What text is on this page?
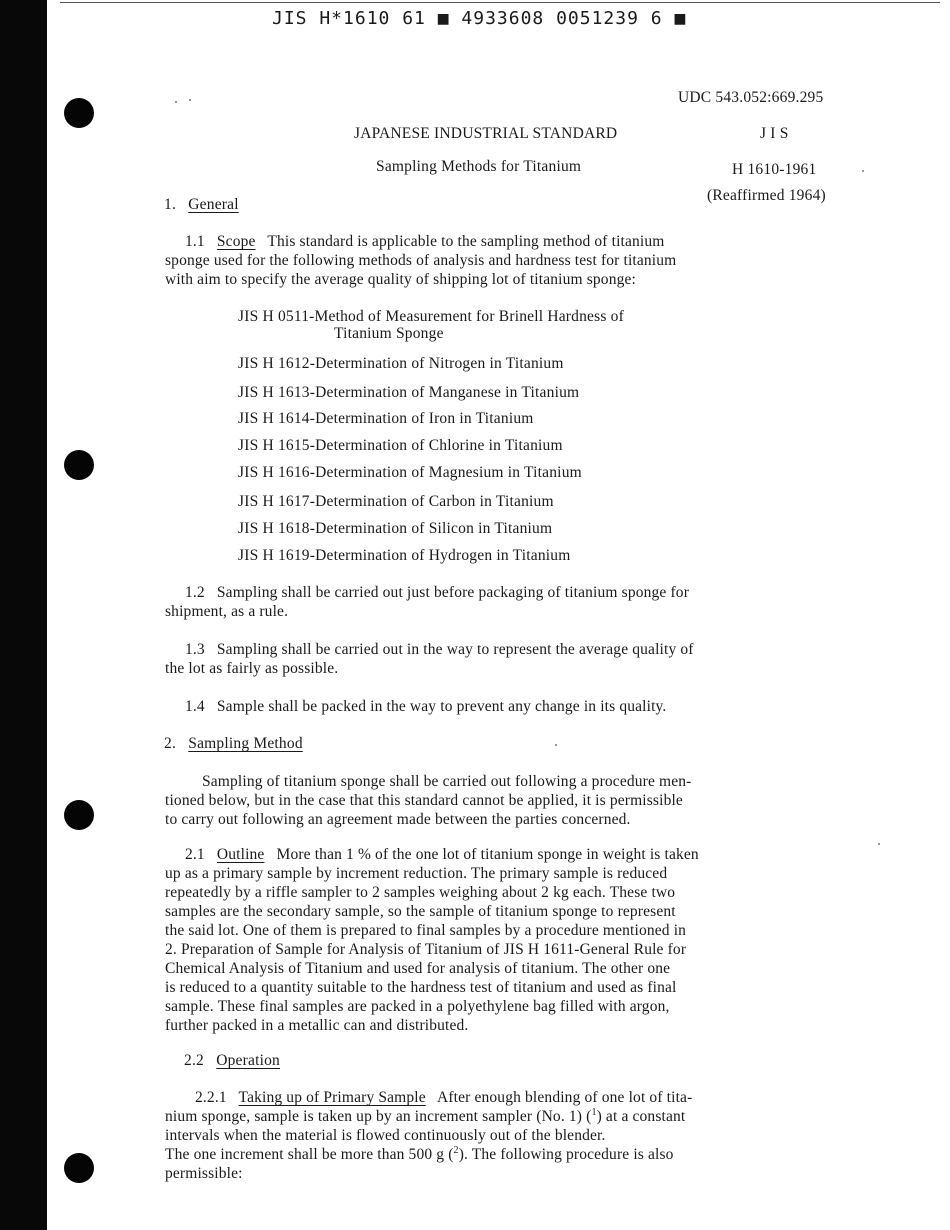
JIS H*1610 61 ■ 4933608 0051239 6 ■
UDC 543.052:669.295
JAPANESE INDUSTRIAL STANDARD	J I S
Sampling Methods for Titanium	H 1610-1961
(Reaffirmed 1964)
1. General
1.1 Scope This standard is applicable to the sampling method of titanium
sponge used for the following methods of analysis and hardness test for titanium
with aim to specify the average quality of shipping lot of titanium sponge:
JIS H 0511-Method of Measurement for Brinell Hardness of
Titanium Sponge
JIS H 1612-Determination of Nitrogen in Titanium
JIS H 1613-Determination of Manganese in Titanium
JIS H 1614-Determination of Iron in Titanium
JIS H 1615-Determination of Chlorine in Titanium
JIS H 1616-Determination of Magnesium in Titanium
JIS H 1617-Determination of Carbon in Titanium
JIS H 1618-Determination of Silicon in Titanium
JIS H 1619-Determination of Hydrogen in Titanium
1.2 Sampling shall be carried out just before packaging of titanium sponge for
shipment, as a rule.
1.3 Sampling shall be carried out in the way to represent the average quality of
the lot as fairly as possible.
1.4 Sample shall be packed in the way to prevent any change in its quality.
2. Sampling Method
Sampling of titanium sponge shall be carried out following a procedure men-
tioned below, but in the case that this standard cannot be applied, it is permissible
to carry out following an agreement made between the parties concerned.
2.1 Outline More than 1 % of the one lot of titanium sponge in weight is taken
up as a primary sample by increment reduction. The primary sample is reduced
repeatedly by a riffle sampler to 2 samples weighing about 2 kg each. These two
samples are the secondary sample, so the sample of titanium sponge to represent
the said lot. One of them is prepared to final samples by a procedure mentioned in
2. Preparation of Sample for Analysis of Titanium of JIS H 1611-General Rule for
Chemical Analysis of Titanium and used for analysis of titanium. The other one
is reduced to a quantity suitable to the hardness test of titanium and used as final
sample. These final samples are packed in a polyethylene bag filled with argon,
further packed in a metallic can and distributed.
2.2 Operation
2.2.1 Taking up of Primary Sample After enough blending of one lot of tita-
nium sponge, sample is taken up by an increment sampler (No. 1) ($^1$) at a constant
intervals when the material is flowed continuously out of the blender.
The one increment shall be more than 500 g ($^2$). The following procedure is also
permissible:
